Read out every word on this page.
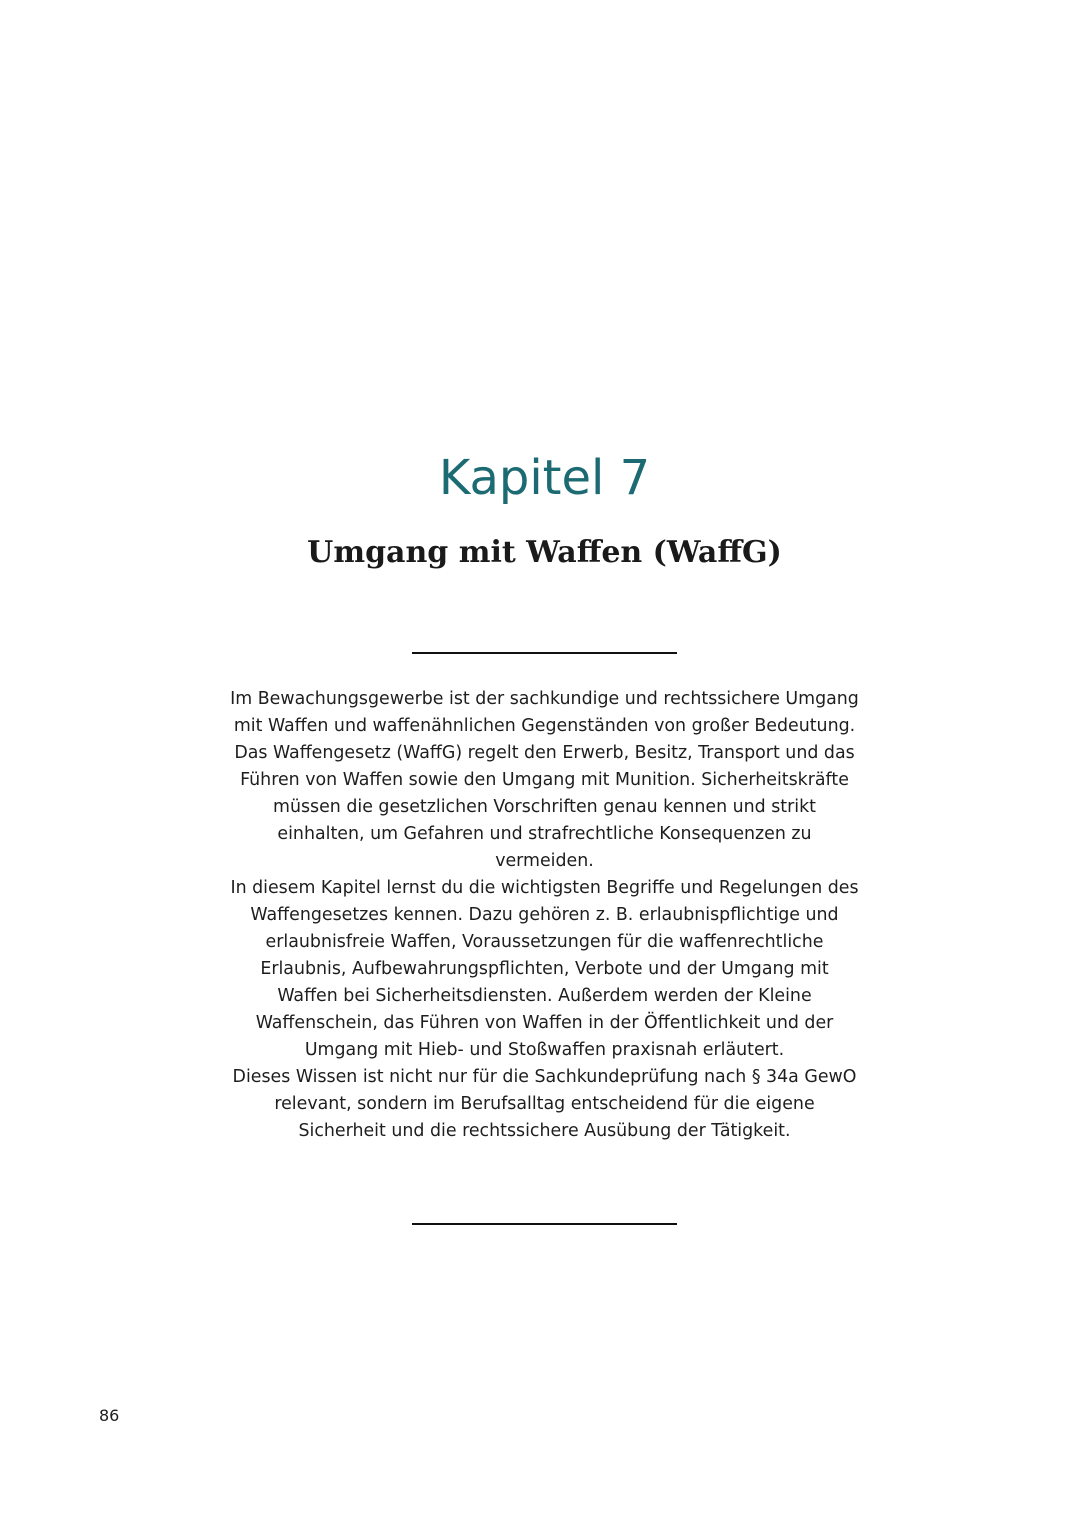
Kapitel 7
Umgang mit Waffen (WaffG)

Im Bewachungsgewerbe ist der sachkundige und rechtssichere Umgang mit Waffen und waffenähnlichen Gegenständen von großer Bedeutung.

Das Waffengesetz (WaffG) regelt den Erwerb, Besitz, Transport und das Führen von Waffen sowie den Umgang mit Munition. Sicherheitskräfte müssen die gesetzlichen Vorschriften genau kennen und strikt einhalten, um Gefahren und strafrechtliche Konsequenzen zu vermeiden.

In diesem Kapitel lernst du die wichtigsten Begriffe und Regelungen des Waffengesetzes kennen. Dazu gehören z. B. erlaubnispflichtige und erlaubnisfreie Waffen, Voraussetzungen für die waffenrechtliche Erlaubnis, Aufbewahrungspflichten, Verbote und der Umgang mit Waffen bei Sicherheitsdiensten. Außerdem werden der Kleine Waffenschein, das Führen von Waffen in der Öffentlichkeit und der Umgang mit Hieb- und Stoßwaffen praxisnah erläutert.

Dieses Wissen ist nicht nur für die Sachkundeprüfung nach § 34a GewO relevant, sondern im Berufsalltag entscheidend für die eigene Sicherheit und die rechtssichere Ausübung der Tätigkeit.

86
